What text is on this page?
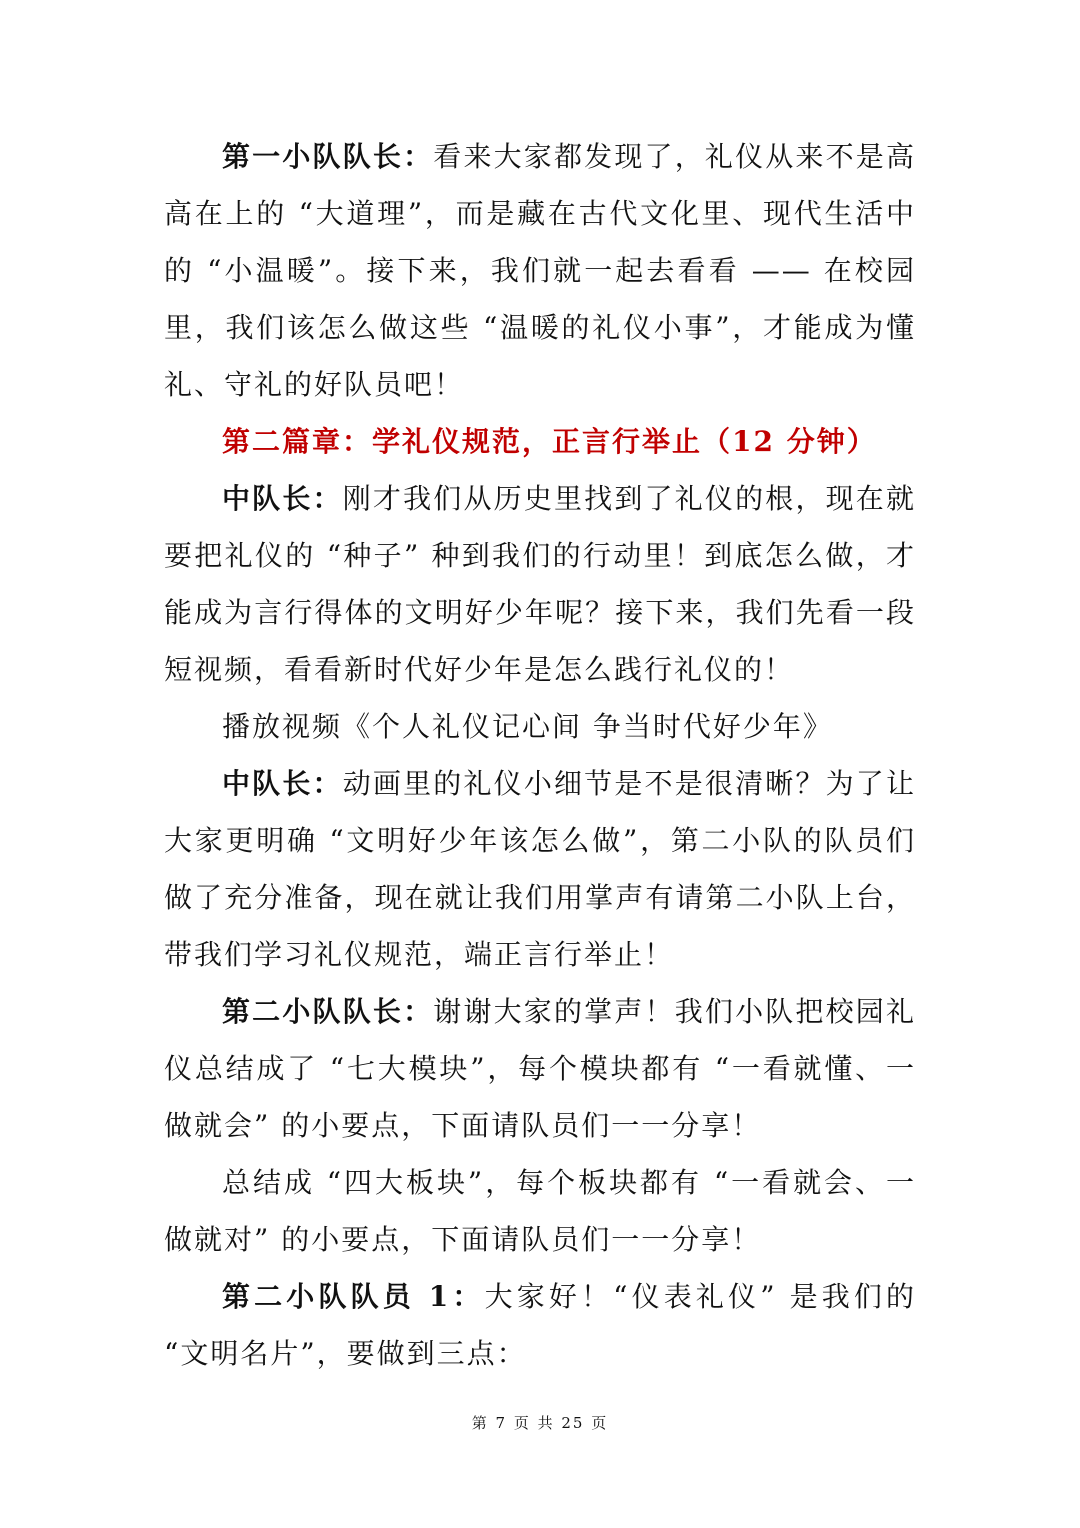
第一小队队长：看来大家都发现了，礼仪从来不是高高在上的 “大道理”，而是藏在古代文化里、现代生活中的 “小温暖”。接下来，我们就一起去看看 —— 在校园里，我们该怎么做这些 “温暖的礼仪小事”，才能成为懂礼、守礼的好队员吧！

第二篇章：学礼仪规范，正言行举止（12 分钟）

中队长：刚才我们从历史里找到了礼仪的根，现在就要把礼仪的 “种子” 种到我们的行动里！到底怎么做，才能成为言行得体的文明好少年呢？接下来，我们先看一段短视频，看看新时代好少年是怎么践行礼仪的！

播放视频《个人礼仪记心间 争当时代好少年》

中队长：动画里的礼仪小细节是不是很清晰？为了让大家更明确 “文明好少年该怎么做”，第二小队的队员们做了充分准备，现在就让我们用掌声有请第二小队上台，带我们学习礼仪规范，端正言行举止！

第二小队队长：谢谢大家的掌声！我们小队把校园礼仪总结成了 “七大模块”，每个模块都有 “一看就懂、一做就会” 的小要点，下面请队员们一一分享！

总结成 “四大板块”，每个板块都有 “一看就会、一做就对” 的小要点，下面请队员们一一分享！

第二小队队员 1：大家好！“仪表礼仪” 是我们的 “文明名片”，要做到三点：

第 7 页 共 25 页
